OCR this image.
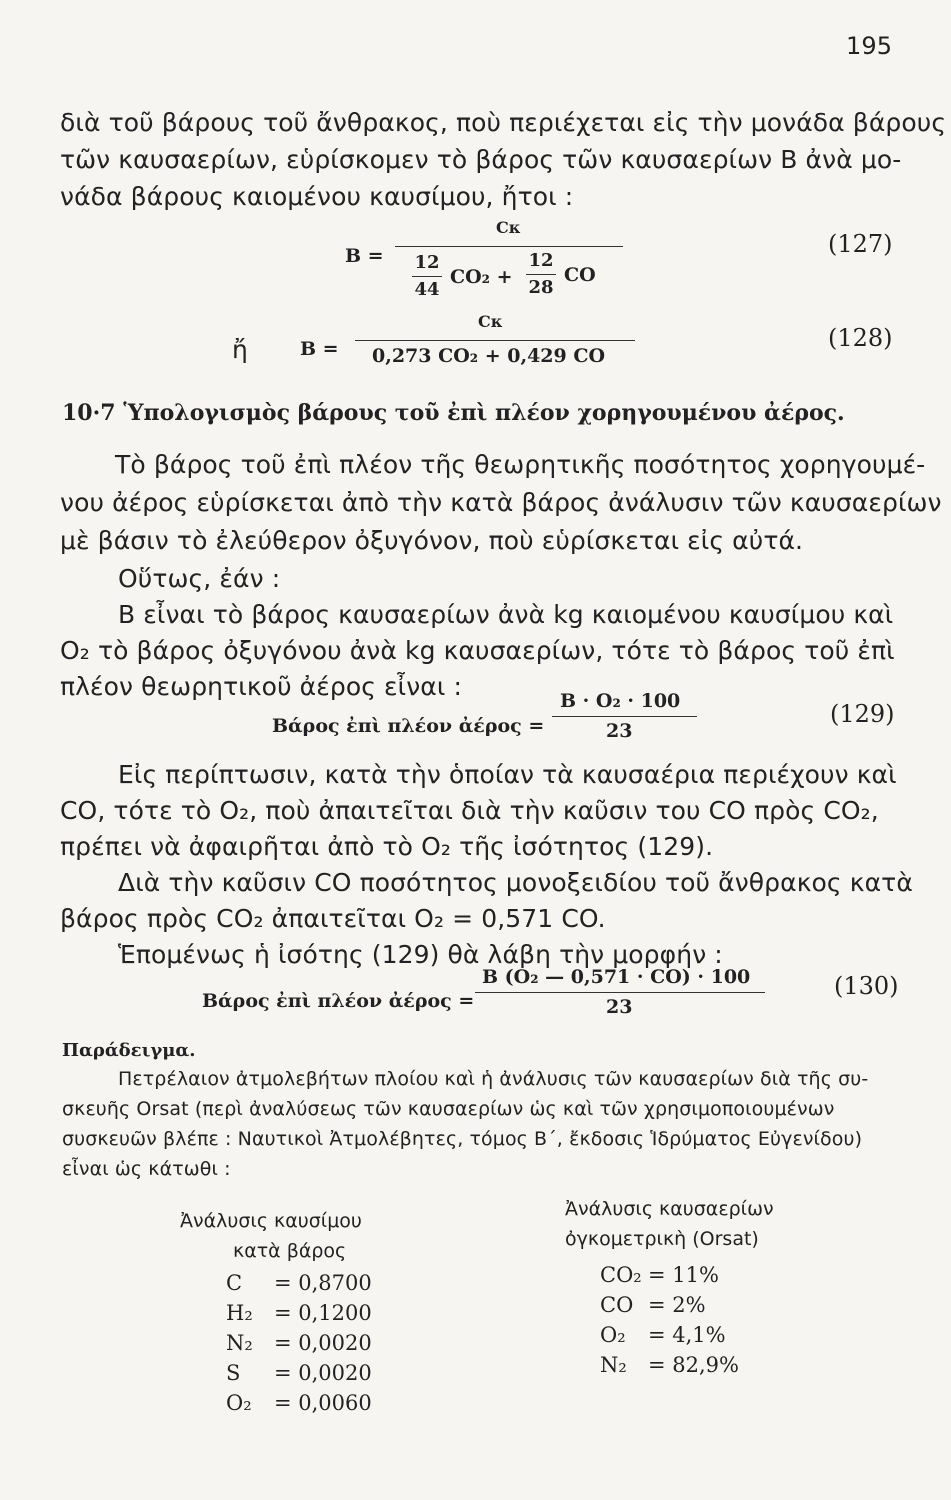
195
διὰ τοῦ βάρους τοῦ ἄνθρακος, ποὺ περιέχεται εἰς τὴν μονάδα βάρους
τῶν καυσαερίων, εὑρίσκομεν τὸ βάρος τῶν καυσαερίων B ἀνὰ μο-
νάδα βάρους καιομένου καυσίμου, ἤτοι :
B =
Cκ
12
44
CO₂ +
12
28
CO
(127)
ἤ	B =
Cκ
0,273 CO₂ + 0,429 CO
(128)
10·7 Ὑπολογισμὸς βάρους τοῦ ἐπὶ πλέον χορηγουμένου ἀέρος.
Τὸ βάρος τοῦ ἐπὶ πλέον τῆς θεωρητικῆς ποσότητος χορηγουμέ-
νου ἀέρος εὑρίσκεται ἀπὸ τὴν κατὰ βάρος ἀνάλυσιν τῶν καυσαερίων
μὲ βάσιν τὸ ἐλεύθερον ὀξυγόνον, ποὺ εὑρίσκεται εἰς αὐτά.
Οὕτως, ἐάν :
B εἶναι τὸ βάρος καυσαερίων ἀνὰ kg καιομένου καυσίμου καὶ
O₂ τὸ βάρος ὀξυγόνου ἀνὰ kg καυσαερίων, τότε τὸ βάρος τοῦ ἐπὶ
πλέον θεωρητικοῦ ἀέρος εἶναι :
Βάρος ἐπὶ πλέον ἀέρος =
B · O₂ · 100
23
(129)
Εἰς περίπτωσιν, κατὰ τὴν ὁποίαν τὰ καυσαέρια περιέχουν καὶ
CO, τότε τὸ O₂, ποὺ ἀπαιτεῖται διὰ τὴν καῦσιν του CO πρὸς CO₂,
πρέπει νὰ ἀφαιρῆται ἀπὸ τὸ O₂ τῆς ἰσότητος (129).
Διὰ τὴν καῦσιν CO ποσότητος μονοξειδίου τοῦ ἄνθρακος κατὰ
βάρος πρὸς CO₂ ἀπαιτεῖται O₂ = 0,571 CO.
Ἑπομένως ἡ ἰσότης (129) θὰ λάβη τὴν μορφήν :
Βάρος ἐπὶ πλέον ἀέρος =
B (O₂ — 0,571 · CO) · 100
23
(130)
Παράδειγμα.
Πετρέλαιον ἀτμολεβήτων πλοίου καὶ ἡ ἀνάλυσις τῶν καυσαερίων διὰ τῆς συ-
σκευῆς Orsat (περὶ ἀναλύσεως τῶν καυσαερίων ὡς καὶ τῶν χρησιμοποιουμένων
συσκευῶν βλέπε : Ναυτικοὶ Ἀτμολέβητες, τόμος Β΄, ἔκδοσις Ἱδρύματος Εὐγενίδου)
εἶναι ὡς κάτωθι :
Ἀνάλυσις καυσίμου
κατὰ βάρος
C = 0,8700
H₂ = 0,1200
N₂ = 0,0020
S = 0,0020
O₂ = 0,0060
Ἀνάλυσις καυσαερίων
ὀγκομετρικὴ (Orsat)
CO₂ = 11%
CO = 2%
O₂ = 4,1%
N₂ = 82,9%
